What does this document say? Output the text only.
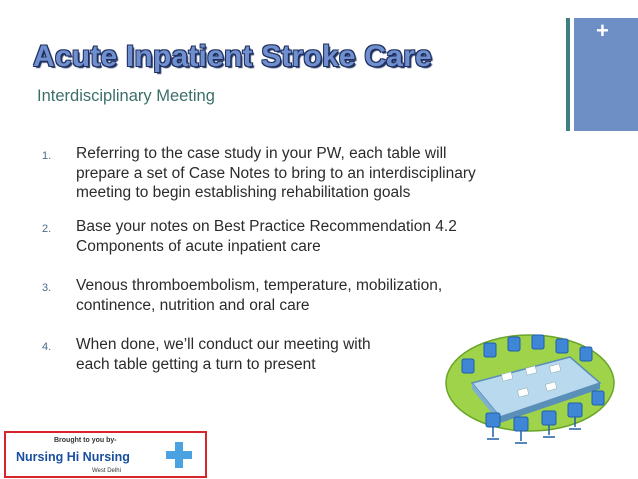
+
Acute Inpatient Stroke Care
Interdisciplinary Meeting
1. Referring to the case study in your PW, each table will
prepare a set of Case Notes to bring to an interdisciplinary
meeting to begin establishing rehabilitation goals
2. Base your notes on Best Practice Recommendation 4.2
Components of acute inpatient care
3. Venous thromboembolism, temperature, mobilization,
continence, nutrition and oral care
4. When done, we’ll conduct our meeting with
each table getting a turn to present
Brought to you by-
Nursing Hi Nursing
West Delhi
